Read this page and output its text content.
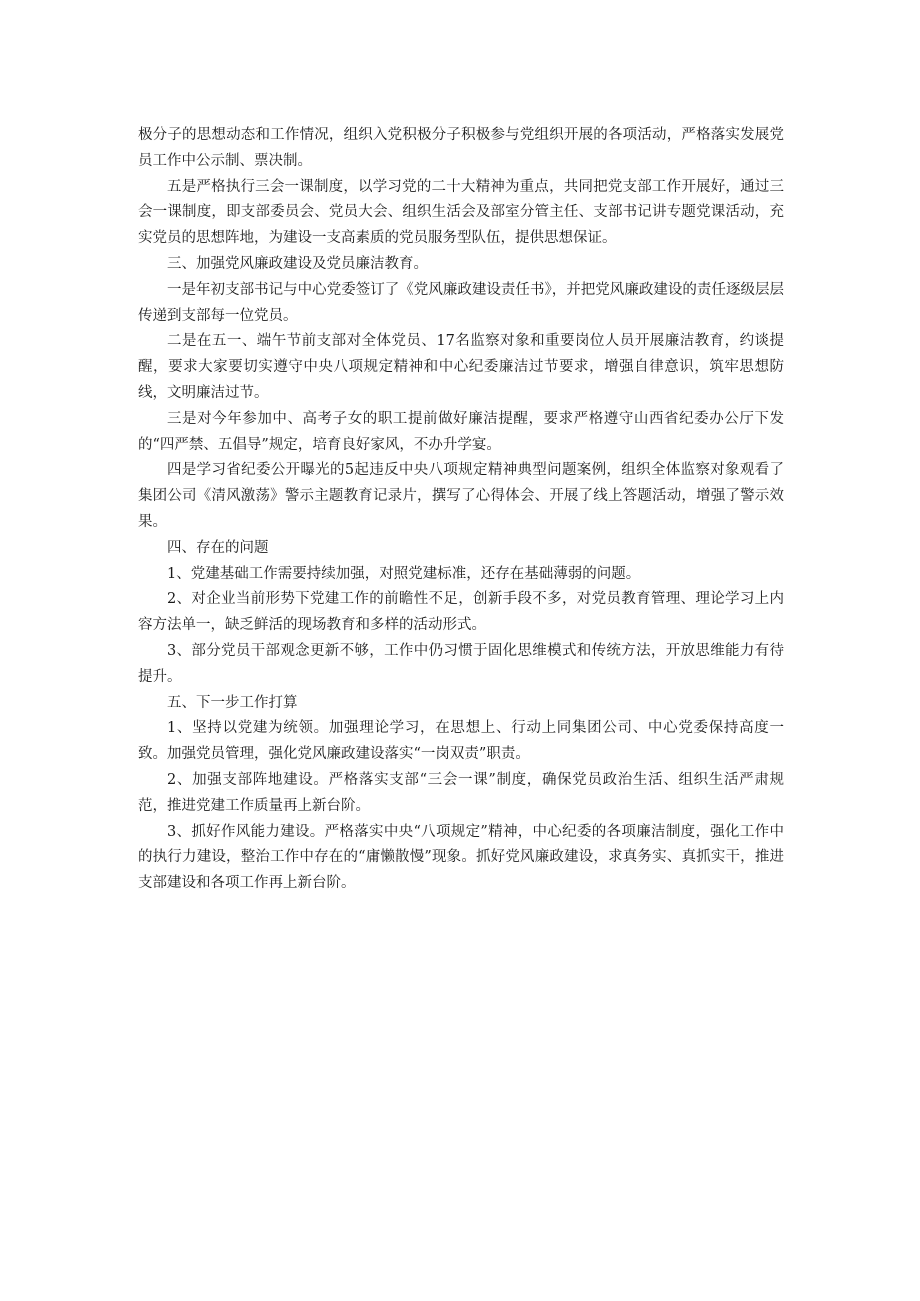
极分子的思想动态和工作情况，组织入党积极分子积极参与党组织开展的各项活动，严格落实发展党员工作中公示制、票决制。

五是严格执行三会一课制度，以学习党的二十大精神为重点，共同把党支部工作开展好，通过三会一课制度，即支部委员会、党员大会、组织生活会及部室分管主任、支部书记讲专题党课活动，充实党员的思想阵地，为建设一支高素质的党员服务型队伍，提供思想保证。

三、加强党风廉政建设及党员廉洁教育。

一是年初支部书记与中心党委签订了《党风廉政建设责任书》，并把党风廉政建设的责任逐级层层传递到支部每一位党员。

二是在五一、端午节前支部对全体党员、17名监察对象和重要岗位人员开展廉洁教育，约谈提醒，要求大家要切实遵守中央八项规定精神和中心纪委廉洁过节要求，增强自律意识，筑牢思想防线，文明廉洁过节。

三是对今年参加中、高考子女的职工提前做好廉洁提醒，要求严格遵守山西省纪委办公厅下发的“四严禁、五倡导”规定，培育良好家风，不办升学宴。

四是学习省纪委公开曝光的5起违反中央八项规定精神典型问题案例，组织全体监察对象观看了集团公司《清风激荡》警示主题教育记录片，撰写了心得体会、开展了线上答题活动，增强了警示效果。

四、存在的问题

1、党建基础工作需要持续加强，对照党建标准，还存在基础薄弱的问题。

2、对企业当前形势下党建工作的前瞻性不足，创新手段不多，对党员教育管理、理论学习上内容方法单一，缺乏鲜活的现场教育和多样的活动形式。

3、部分党员干部观念更新不够，工作中仍习惯于固化思维模式和传统方法，开放思维能力有待提升。

五、下一步工作打算

1、坚持以党建为统领。加强理论学习，在思想上、行动上同集团公司、中心党委保持高度一致。加强党员管理，强化党风廉政建设落实“一岗双责”职责。

2、加强支部阵地建设。严格落实支部“三会一课”制度，确保党员政治生活、组织生活严肃规范，推进党建工作质量再上新台阶。

3、抓好作风能力建设。严格落实中央“八项规定”精神，中心纪委的各项廉洁制度，强化工作中的执行力建设，整治工作中存在的“庸懒散慢”现象。抓好党风廉政建设，求真务实、真抓实干，推进支部建设和各项工作再上新台阶。
